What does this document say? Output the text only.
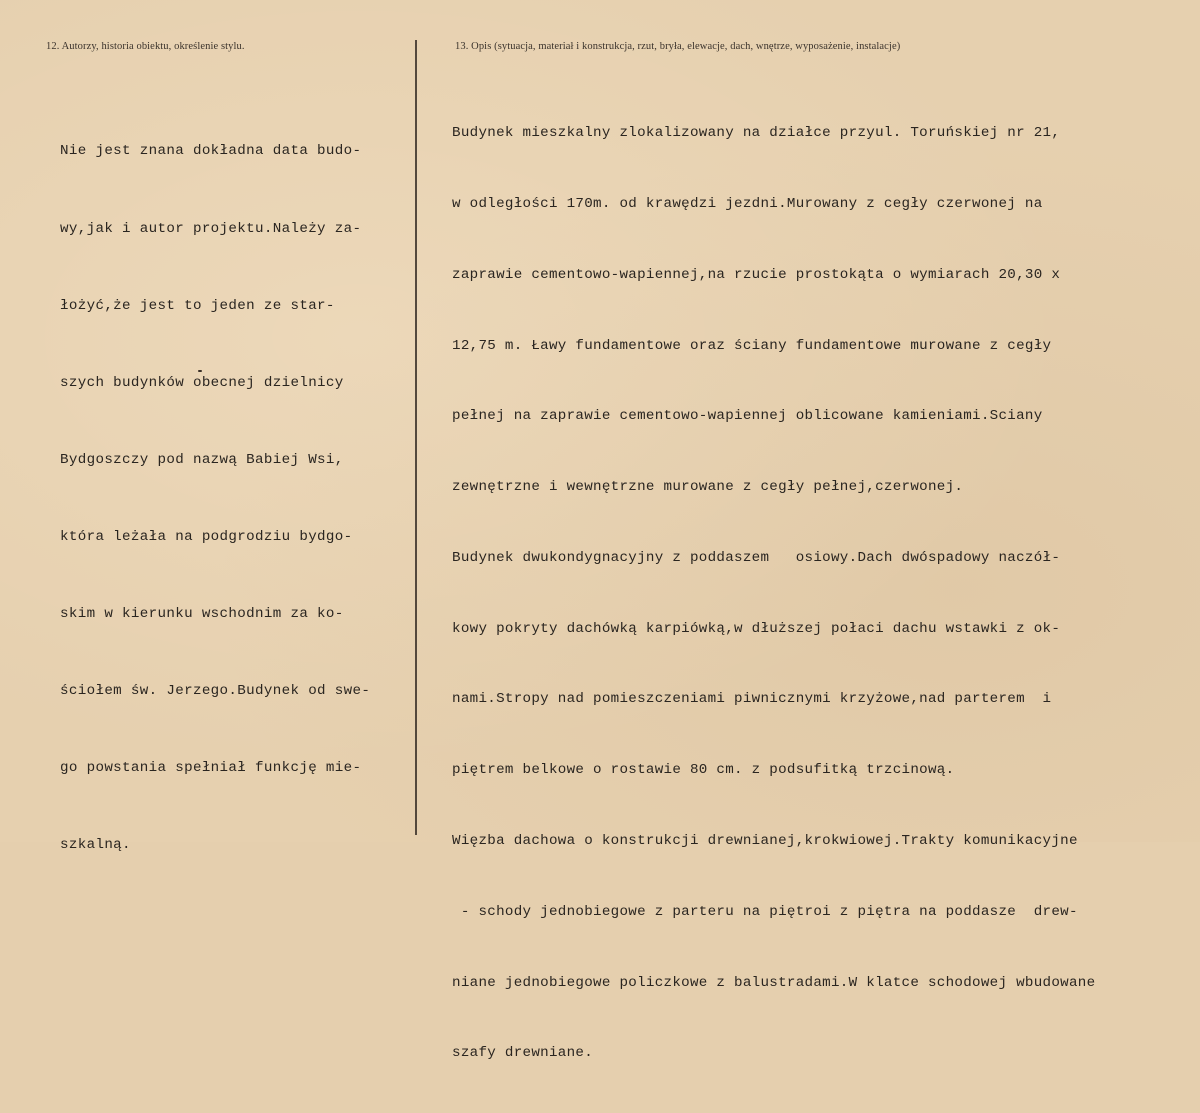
12. Autorzy, historia obiektu, określenie stylu.	13. Opis (sytuacja, materiał i konstrukcja, rzut, bryła, elewacje, dach, wnętrze, wyposażenie, instalacje)

Nie jest znana dokładna data budo-

wy,jak i autor projektu.Należy za-

łożyć,że jest to jeden ze star-

szych budynków obecnej dzielnicy

Bydgoszczy pod nazwą Babiej Wsi,

która leżała na podgrodziu bydgo-

skim w kierunku wschodnim za ko-

ściołem św. Jerzego.Budynek od swe-

go powstania spełniał funkcję mie-

szkalną.

Budynek mieszkalny zlokalizowany na działce przyul. Toruńskiej nr 21,

w odległości 170m. od krawędzi jezdni.Murowany z cegły czerwonej na

zaprawie cementowo-wapiennej,na rzucie prostokąta o wymiarach 20,30 x

12,75 m. Ławy fundamentowe oraz ściany fundamentowe murowane z cegły

pełnej na zaprawie cementowo-wapiennej oblicowane kamieniami.Sciany

zewnętrzne i wewnętrzne murowane z cegły pełnej,czerwonej.

Budynek dwukondygnacyjny z poddaszem   osiowy.Dach dwóspadowy naczół-

kowy pokryty dachówką karpiówką,w dłuższej połaci dachu wstawki z ok-

nami.Stropy nad pomieszczeniami piwnicznymi krzyżowe,nad parterem  i

piętrem belkowe o rostawie 80 cm. z podsufitką trzcinową.

Więzba dachowa o konstrukcji drewnianej,krokwiowej.Trakty komunikacyjne

- schody jednobiegowe z parteru na piętroi z piętra na poddasze  drew-

niane jednobiegowe policzkowe z balustradami.W klatce schodowej wbudowane

szafy drewniane.
